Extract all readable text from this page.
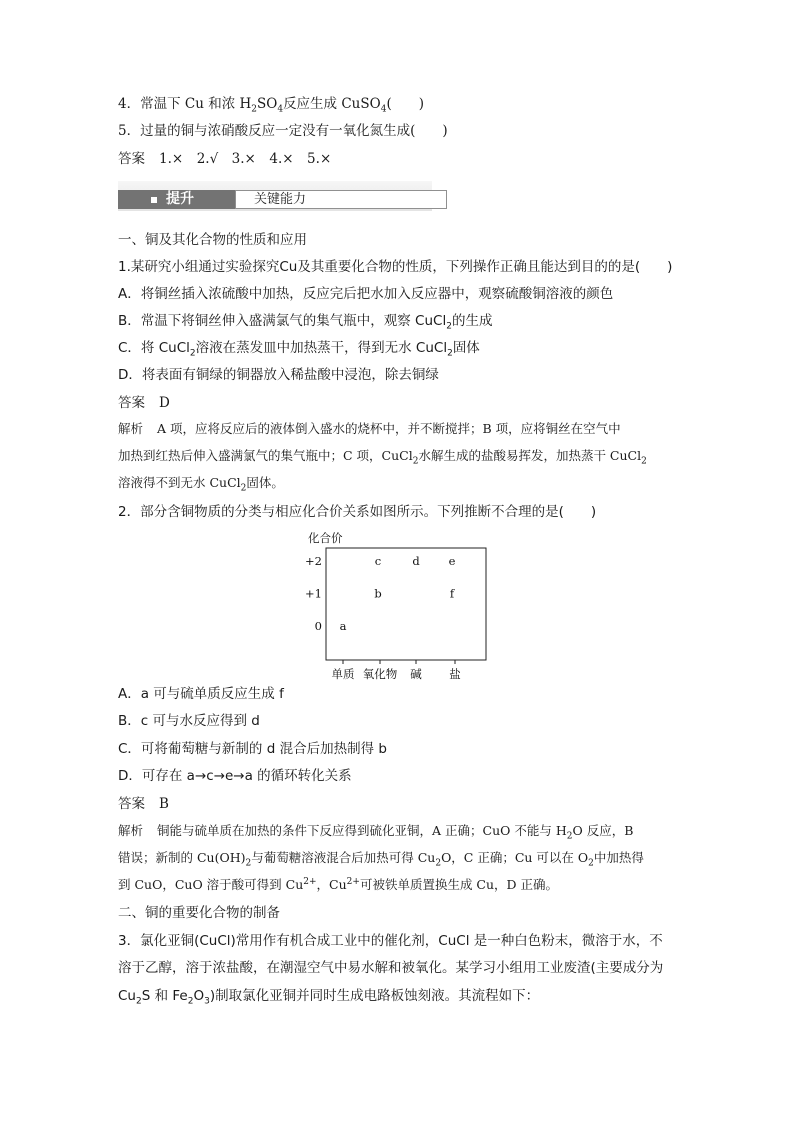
4．常温下 Cu 和浓 $H_2SO_4$反应生成 CuSO$_4$(　　)
5．过量的铜与浓硝酸反应一定没有一氧化氮生成(　　)
答案 1.×　2.√　3.×　4.×　5.×
提升	关键能力
一、铜及其化合物的性质和应用
1.某研究小组通过实验探究Cu及其重要化合物的性质，下列操作正确且能达到目的的是(　　)
A．将铜丝插入浓硫酸中加热，反应完后把水加入反应器中，观察硫酸铜溶液的颜色
B．常温下将铜丝伸入盛满氯气的集气瓶中，观察 CuCl$_2$的生成
C．将 CuCl$_2$溶液在蒸发皿中加热蒸干，得到无水 CuCl$_2$固体
D．将表面有铜绿的铜器放入稀盐酸中浸泡，除去铜绿
答案 D
解析 A 项，应将反应后的液体倒入盛水的烧杯中，并不断搅拌；B 项，应将铜丝在空气中
加热到红热后伸入盛满氯气的集气瓶中；C 项，CuCl$_2$水解生成的盐酸易挥发，加热蒸干 CuCl$_2$
溶液得不到无水 CuCl$_2$固体。
2．部分含铜物质的分类与相应化合价关系如图所示。下列推断不合理的是(　　)
化合价
+2
+1
0
单质 氧化物 碱 盐
a
b
c	d	e
f
A．a 可与硫单质反应生成 f
B．c 可与水反应得到 d
C．可将葡萄糖与新制的 d 混合后加热制得 b
D．可存在 a→c→e→a 的循环转化关系
答案 B
解析 铜能与硫单质在加热的条件下反应得到硫化亚铜，A 正确；CuO 不能与 $H_2O$ 反应，B
错误；新制的 $Cu(OH)_2$与葡萄糖溶液混合后加热可得 $Cu_2O$，C 正确；Cu 可以在 $O_2$中加热得
到 CuO，CuO 溶于酸可得到 $Cu^{2+}$，$Cu^{2+}$可被铁单质置换生成 Cu，D 正确。
二、铜的重要化合物的制备
3．氯化亚铜(CuCl)常用作有机合成工业中的催化剂，CuCl 是一种白色粉末，微溶于水，不
溶于乙醇，溶于浓盐酸，在潮湿空气中易水解和被氧化。某学习小组用工业废渣(主要成分为
$Cu_2S$ 和 $Fe_2O_3$)制取氯化亚铜并同时生成电路板蚀刻液。其流程如下：
